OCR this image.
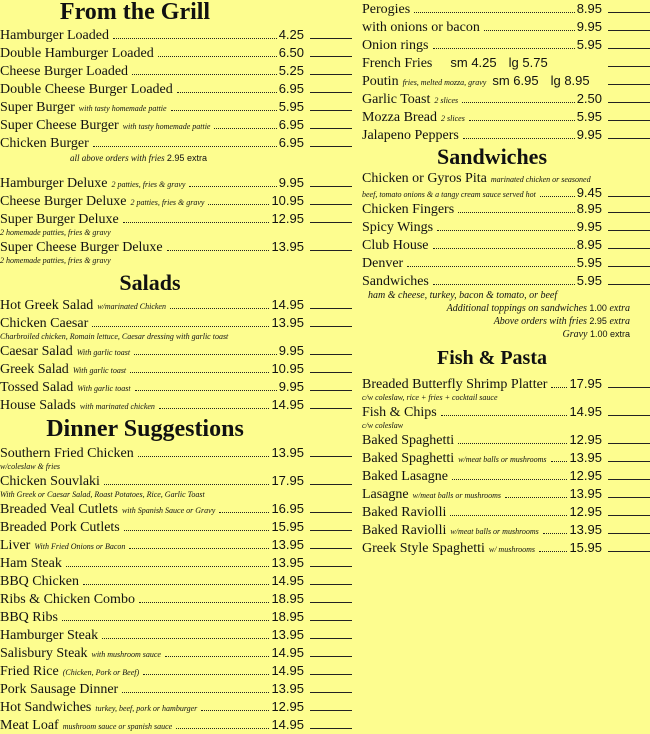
From the Grill
Hamburger Loaded	4.25
Double Hamburger Loaded	6.50
Cheese Burger Loaded	5.25
Double Cheese Burger Loaded	6.95
Super Burger with tasty homemade pattie	5.95
Super Cheese Burger with tasty homemade pattie	6.95
Chicken Burger	6.95
all above orders with fries 2.95 extra
Hamburger Deluxe 2 patties, fries & gravy	9.95
Cheese Burger Deluxe 2 patties, fries & gravy	10.95
Super Burger Deluxe	12.95
2 homemade patties, fries & gravy
Super Cheese Burger Deluxe	13.95
2 homemade patties, fries & gravy
Salads
Hot Greek Salad w/marinated Chicken	14.95
Chicken Caesar	13.95
Charbroiled chicken, Romain lettuce, Caesar dressing with garlic toast
Caesar Salad With garlic toast	9.95
Greek Salad With garlic toast	10.95
Tossed Salad With garlic toast	9.95
House Salads with marinated chicken	14.95
Dinner Suggestions
Southern Fried Chicken	13.95
w/coleslaw & fries
Chicken Souvlaki	17.95
With Greek or Caesar Salad, Roast Potatoes, Rice, Garlic Toast
Breaded Veal Cutlets with Spanish Sauce or Gravy	16.95
Breaded Pork Cutlets	15.95
Liver With Fried Onions or Bacon	13.95
Ham Steak	13.95
BBQ Chicken	14.95
Ribs & Chicken Combo	18.95
BBQ Ribs	18.95
Hamburger Steak	13.95
Salisbury Steak with mushroom sauce	14.95
Fried Rice (Chicken, Pork or Beef)	14.95
Pork Sausage Dinner	13.95
Hot Sandwiches turkey, beef, pork or hamburger	12.95
Meat Loaf mushroom sauce or spanish sauce	14.95
Perogies	8.95
with onions or bacon	9.95
Onion rings	5.95
French Fries sm 4.25 lg 5.75
Poutin fries, melted mozza, gravy sm 6.95 lg 8.95
Garlic Toast 2 slices	2.50
Mozza Bread 2 slices	5.95
Jalapeno Peppers	9.95
Sandwiches
Chicken or Gyros Pita marinated chicken or seasoned
beef, tomato onions & a tangy cream sauce served hot	9.45
Chicken Fingers	8.95
Spicy Wings	9.95
Club House	8.95
Denver	5.95
Sandwiches	5.95
ham & cheese, turkey, bacon & tomato, or beef
Additional toppings on sandwiches 1.00 extra
Above orders with fries 2.95 extra
Gravy 1.00 extra
Fish & Pasta
Breaded Butterfly Shrimp Platter 17.95
c/w coleslaw, rice + fries + cocktail sauce
Fish & Chips	14.95
c/w coleslaw
Baked Spaghetti	12.95
Baked Spaghetti w/meat balls or mushrooms 13.95
Baked Lasagne	12.95
Lasagne w/meat balls or mushrooms	13.95
Baked Raviolli	12.95
Baked Raviolli w/meat balls or mushrooms 13.95
Greek Style Spaghetti w/ mushrooms	15.95
